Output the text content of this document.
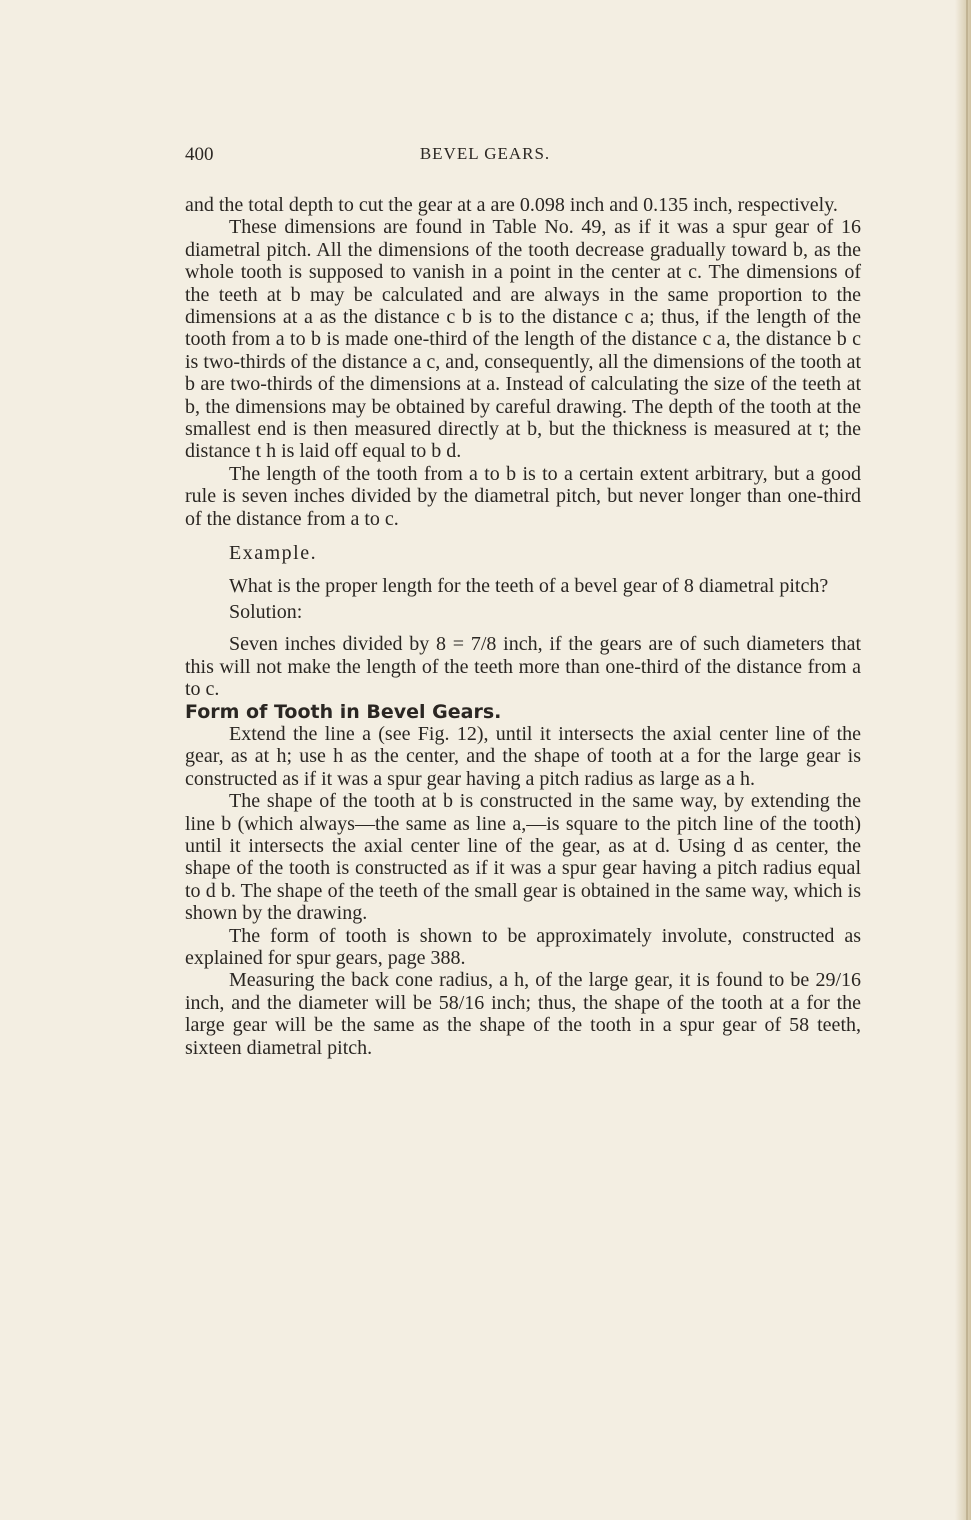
400	BEVEL GEARS.

and the total depth to cut the gear at a are 0.098 inch and 0.135 inch, respectively.

These dimensions are found in Table No. 49, as if it was a spur gear of 16 diametral pitch. All the dimensions of the tooth decrease gradually toward b, as the whole tooth is supposed to vanish in a point in the center at c. The dimensions of the teeth at b may be calculated and are always in the same proportion to the dimensions at a as the distance c b is to the distance c a; thus, if the length of the tooth from a to b is made one-third of the length of the distance c a, the distance b c is two-thirds of the distance a c, and, consequently, all the dimensions of the tooth at b are two-thirds of the dimensions at a. Instead of calculating the size of the teeth at b, the dimensions may be obtained by careful drawing. The depth of the tooth at the smallest end is then measured directly at b, but the thickness is measured at t; the distance t h is laid off equal to b d.

The length of the tooth from a to b is to a certain extent arbitrary, but a good rule is seven inches divided by the diametral pitch, but never longer than one-third of the distance from a to c.

Example.

What is the proper length for the teeth of a bevel gear of 8 diametral pitch?

Solution:

Seven inches divided by 8 = 7/8 inch, if the gears are of such diameters that this will not make the length of the teeth more than one-third of the distance from a to c.

Form of Tooth in Bevel Gears.

Extend the line a (see Fig. 12), until it intersects the axial center line of the gear, as at h; use h as the center, and the shape of tooth at a for the large gear is constructed as if it was a spur gear having a pitch radius as large as a h.

The shape of the tooth at b is constructed in the same way, by extending the line b (which always—the same as line a,—is square to the pitch line of the tooth) until it intersects the axial center line of the gear, as at d. Using d as center, the shape of the tooth is constructed as if it was a spur gear having a pitch radius equal to d b. The shape of the teeth of the small gear is obtained in the same way, which is shown by the drawing.

The form of tooth is shown to be approximately involute, constructed as explained for spur gears, page 388.

Measuring the back cone radius, a h, of the large gear, it is found to be 29/16 inch, and the diameter will be 58/16 inch; thus, the shape of the tooth at a for the large gear will be the same as the shape of the tooth in a spur gear of 58 teeth, sixteen diametral pitch.
